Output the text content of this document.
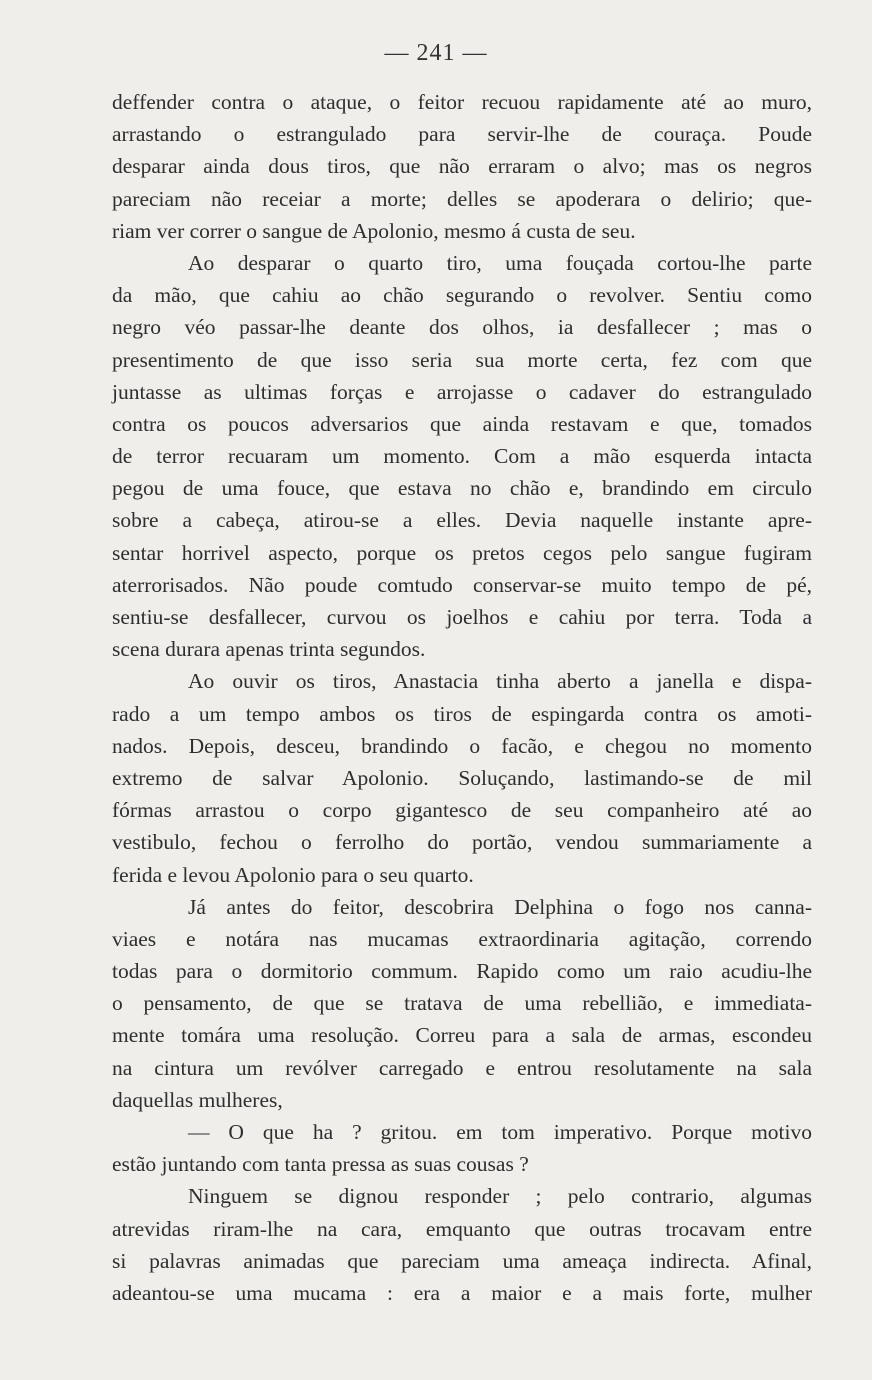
— 241 —
deffender contra o ataque, o feitor recuou rapidamente até ao muro,
arrastando o estrangulado para servir-lhe de couraça. Poude
desparar ainda dous tiros, que não erraram o alvo; mas os negros
pareciam não receiar a morte; delles se apoderara o delirio; que-
riam ver correr o sangue de Apolonio, mesmo á custa de seu.
Ao desparar o quarto tiro, uma fouçada cortou-lhe parte
da mão, que cahiu ao chão segurando o revolver. Sentiu como
negro véo passar-lhe deante dos olhos, ia desfallecer ; mas o
presentimento de que isso seria sua morte certa, fez com que
juntasse as ultimas forças e arrojasse o cadaver do estrangulado
contra os poucos adversarios que ainda restavam e que, tomados
de terror recuaram um momento. Com a mão esquerda intacta
pegou de uma fouce, que estava no chão e, brandindo em circulo
sobre a cabeça, atirou-se a elles. Devia naquelle instante apre-
sentar horrivel aspecto, porque os pretos cegos pelo sangue fugiram
aterrorisados. Não poude comtudo conservar-se muito tempo de pé,
sentiu-se desfallecer, curvou os joelhos e cahiu por terra. Toda a
scena durara apenas trinta segundos.
Ao ouvir os tiros, Anastacia tinha aberto a janella e dispa-
rado a um tempo ambos os tiros de espingarda contra os amoti-
nados. Depois, desceu, brandindo o facão, e chegou no momento
extremo de salvar Apolonio. Soluçando, lastimando-se de mil
fórmas arrastou o corpo gigantesco de seu companheiro até ao
vestibulo, fechou o ferrolho do portão, vendou summariamente a
ferida e levou Apolonio para o seu quarto.
Já antes do feitor, descobrira Delphina o fogo nos canna-
viaes e notára nas mucamas extraordinaria agitação, correndo
todas para o dormitorio commum. Rapido como um raio acudiu-lhe
o pensamento, de que se tratava de uma rebellião, e immediata-
mente tomára uma resolução. Correu para a sala de armas, escondeu
na cintura um revólver carregado e entrou resolutamente na sala
daquellas mulheres,
— O que ha ? gritou. em tom imperativo. Porque motivo
estão juntando com tanta pressa as suas cousas ?
Ninguem se dignou responder ; pelo contrario, algumas
atrevidas riram-lhe na cara, emquanto que outras trocavam entre
si palavras animadas que pareciam uma ameaça indirecta. Afinal,
adeantou-se uma mucama : era a maior e a mais forte, mulher
